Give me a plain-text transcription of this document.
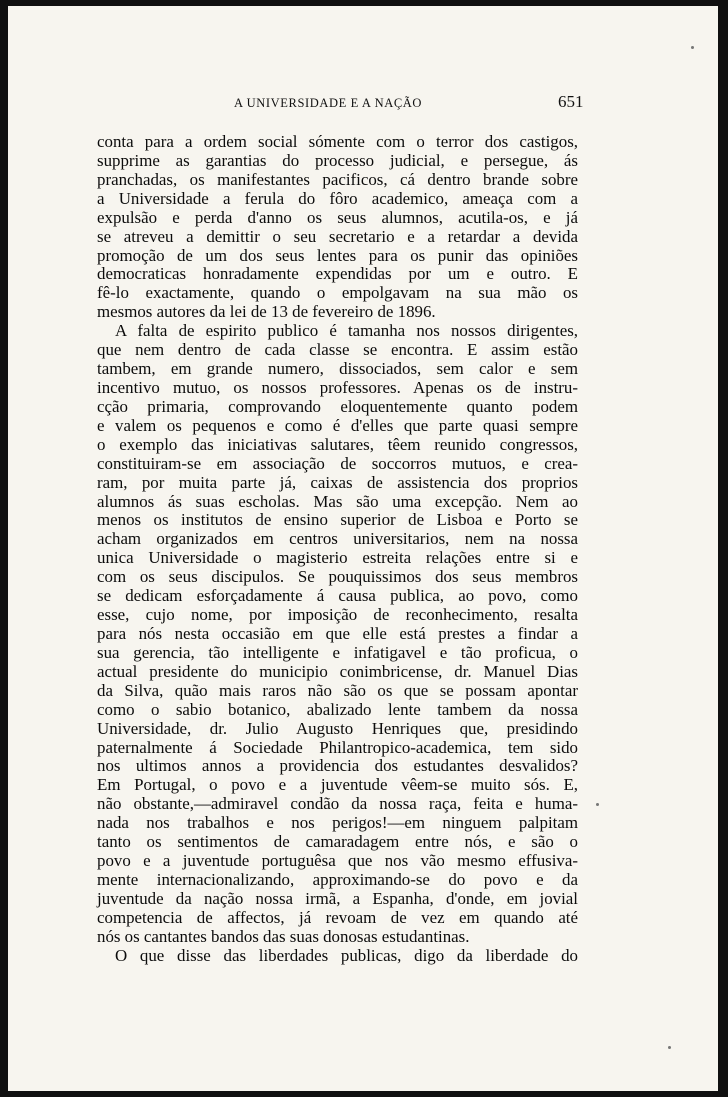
A UNIVERSIDADE E A NAÇÃO	651
conta para a ordem social sómente com o terror dos castigos,
supprime as garantias do processo judicial, e persegue, ás
pranchadas, os manifestantes pacificos, cá dentro brande sobre
a Universidade a ferula do fôro academico, ameaça com a
expulsão e perda d'anno os seus alumnos, acutila-os, e já
se atreveu a demittir o seu secretario e a retardar a devida
promoção de um dos seus lentes para os punir das opiniões
democraticas honradamente expendidas por um e outro. E
fê-lo exactamente, quando o empolgavam na sua mão os
mesmos autores da lei de 13 de fevereiro de 1896.
A falta de espirito publico é tamanha nos nossos dirigentes,
que nem dentro de cada classe se encontra. E assim estão
tambem, em grande numero, dissociados, sem calor e sem
incentivo mutuo, os nossos professores. Apenas os de instru-
cção primaria, comprovando eloquentemente quanto podem
e valem os pequenos e como é d'elles que parte quasi sempre
o exemplo das iniciativas salutares, têem reunido congressos,
constituiram-se em associação de soccorros mutuos, e crea-
ram, por muita parte já, caixas de assistencia dos proprios
alumnos ás suas escholas. Mas são uma excepção. Nem ao
menos os institutos de ensino superior de Lisboa e Porto se
acham organizados em centros universitarios, nem na nossa
unica Universidade o magisterio estreita relações entre si e
com os seus discipulos. Se pouquissimos dos seus membros
se dedicam esforçadamente á causa publica, ao povo, como
esse, cujo nome, por imposição de reconhecimento, resalta
para nós nesta occasião em que elle está prestes a findar a
sua gerencia, tão intelligente e infatigavel e tão proficua, o
actual presidente do municipio conimbricense, dr. Manuel Dias
da Silva, quão mais raros não são os que se possam apontar
como o sabio botanico, abalizado lente tambem da nossa
Universidade, dr. Julio Augusto Henriques que, presidindo
paternalmente á Sociedade Philantropico-academica, tem sido
nos ultimos annos a providencia dos estudantes desvalidos?
Em Portugal, o povo e a juventude vêem-se muito sós. E,
não obstante,—admiravel condão da nossa raça, feita e huma-
nada nos trabalhos e nos perigos!—em ninguem palpitam
tanto os sentimentos de camaradagem entre nós, e são o
povo e a juventude portuguêsa que nos vão mesmo effusiva-
mente internacionalizando, approximando-se do povo e da
juventude da nação nossa irmã, a Espanha, d'onde, em jovial
competencia de affectos, já revoam de vez em quando até
nós os cantantes bandos das suas donosas estudantinas.
O que disse das liberdades publicas, digo da liberdade do
